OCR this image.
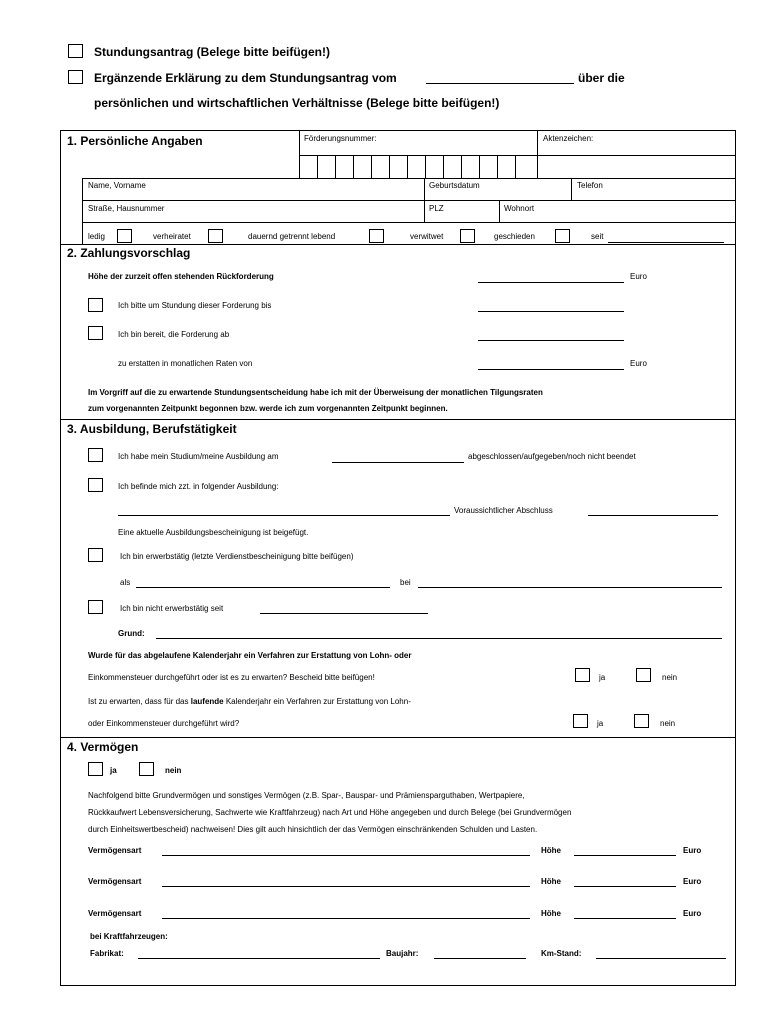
Stundungsantrag (Belege bitte beifügen!)
Ergänzende Erklärung zu dem Stundungsantrag vom	über die
persönlichen und wirtschaftlichen Verhältnisse (Belege bitte beifügen!)
1. Persönliche Angaben	Förderungsnummer:	Aktenzeichen:
Name, Vorname	Geburtsdatum	Telefon
Straße, Hausnummer	PLZ	Wohnort
ledig	verheiratet	dauernd getrennt lebend	verwitwet	geschieden	seit
2. Zahlungsvorschlag
Höhe der zurzeit offen stehenden Rückforderung	Euro
Ich bitte um Stundung dieser Forderung bis
Ich bin bereit, die Forderung ab
zu erstatten in monatlichen Raten von	Euro
Im Vorgriff auf die zu erwartende Stundungsentscheidung habe ich mit der Überweisung der monatlichen Tilgungsraten
zum vorgenannten Zeitpunkt begonnen bzw. werde ich zum vorgenannten Zeitpunkt beginnen.
3. Ausbildung, Berufstätigkeit
Ich habe mein Studium/meine Ausbildung am	abgeschlossen/aufgegeben/noch nicht beendet
Ich befinde mich zzt. in folgender Ausbildung:
Voraussichtlicher Abschluss
Eine aktuelle Ausbildungsbescheinigung ist beigefügt.
Ich bin erwerbstätig (letzte Verdienstbescheinigung bitte beifügen)
als	bei
Ich bin nicht erwerbstätig seit
Grund:
Wurde für das abgelaufene Kalenderjahr ein Verfahren zur Erstattung von Lohn- oder
Einkommensteuer durchgeführt oder ist es zu erwarten? Bescheid bitte beifügen!	ja	nein
Ist zu erwarten, dass für das laufende Kalenderjahr ein Verfahren zur Erstattung von Lohn-
oder Einkommensteuer durchgeführt wird?	ja	nein
4. Vermögen
ja	nein
Nachfolgend bitte Grundvermögen und sonstiges Vermögen (z.B. Spar-, Bauspar- und Prämiensparguthaben, Wertpapiere,
Rückkaufwert Lebensversicherung, Sachwerte wie Kraftfahrzeug) nach Art und Höhe angegeben und durch Belege (bei Grundvermögen
durch Einheitswertbescheid) nachweisen! Dies gilt auch hinsichtlich der das Vermögen einschränkenden Schulden und Lasten.
Vermögensart	Höhe	Euro
Vermögensart	Höhe	Euro
Vermögensart	Höhe	Euro
bei Kraftfahrzeugen:
Fabrikat:	Baujahr:	Km-Stand:
